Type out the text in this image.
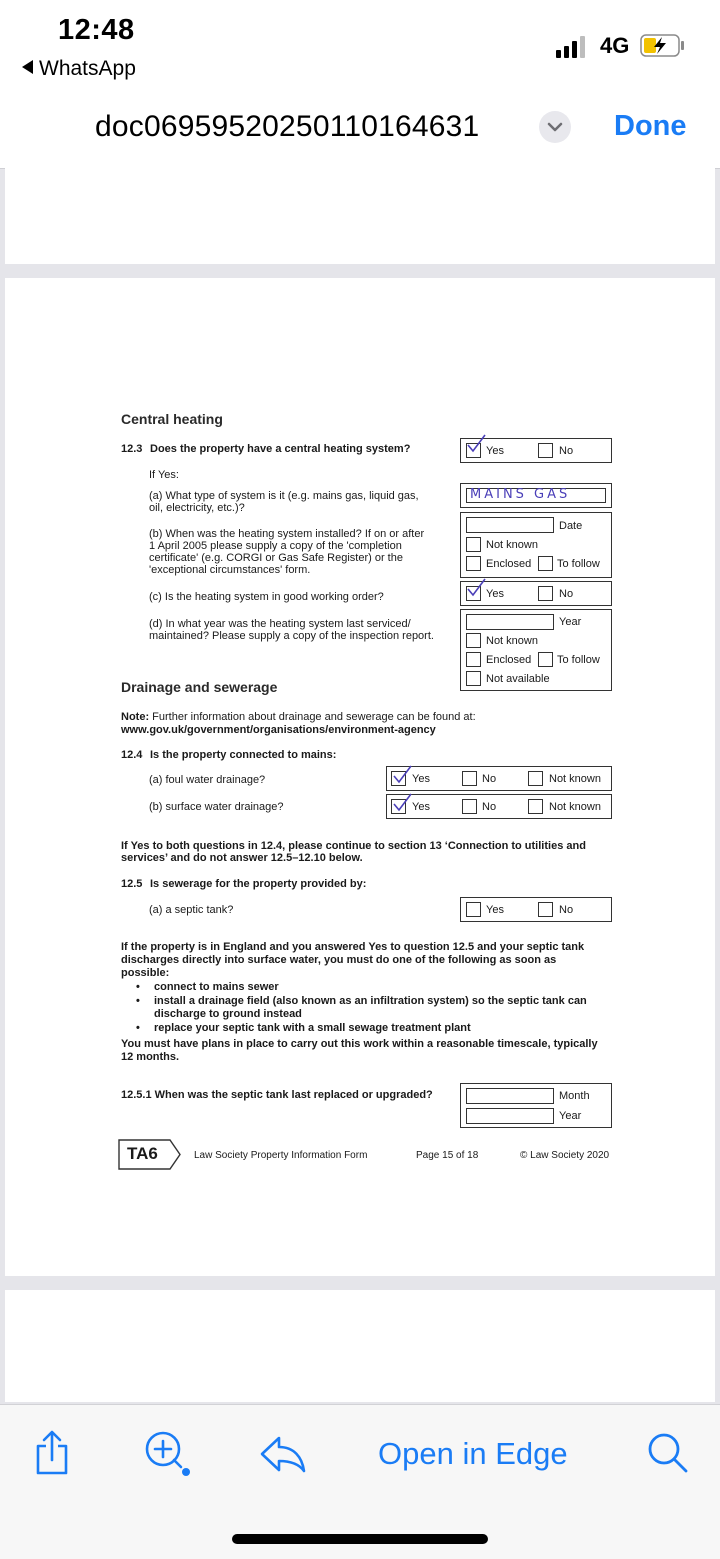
12:48
WhatsApp
4G
doc06959520250110164631	Done
Central heating
12.3 Does the property have a central heating system?	Yes	No
If Yes:
(a) What type of system is it (e.g. mains gas, liquid gas,
oil, electricity, etc.)?
MAINS GAS
(b) When was the heating system installed? If on or after
1 April 2005 please supply a copy of the 'completion
certificate' (e.g. CORGI or Gas Safe Register) or the
'exceptional circumstances' form.
Date
Not known
Enclosed To follow
(c) Is the heating system in good working order?	Yes	No
(d) In what year was the heating system last serviced/
maintained? Please supply a copy of the inspection report.
Year
Not known
Enclosed To follow
Not available
Drainage and sewerage
Note: Further information about drainage and sewerage can be found at:
www.gov.uk/government/organisations/environment-agency
12.4 Is the property connected to mains:
(a) foul water drainage?	Yes	No	Not known
(b) surface water drainage?	Yes	No	Not known
If Yes to both questions in 12.4, please continue to section 13 ‘Connection to utilities and
services’ and do not answer 12.5–12.10 below.
12.5 Is sewerage for the property provided by:
(a) a septic tank?	Yes	No
If the property is in England and you answered Yes to question 12.5 and your septic tank
discharges directly into surface water, you must do one of the following as soon as
possible:
• connect to mains sewer
• install a drainage field (also known as an infiltration system) so the septic tank can
discharge to ground instead
• replace your septic tank with a small sewage treatment plant
You must have plans in place to carry out this work within a reasonable timescale, typically
12 months.
12.5.1 When was the septic tank last replaced or upgraded?	Month
Year
TA6	Law Society Property Information Form	Page 15 of 18	© Law Society 2020
Open in Edge
